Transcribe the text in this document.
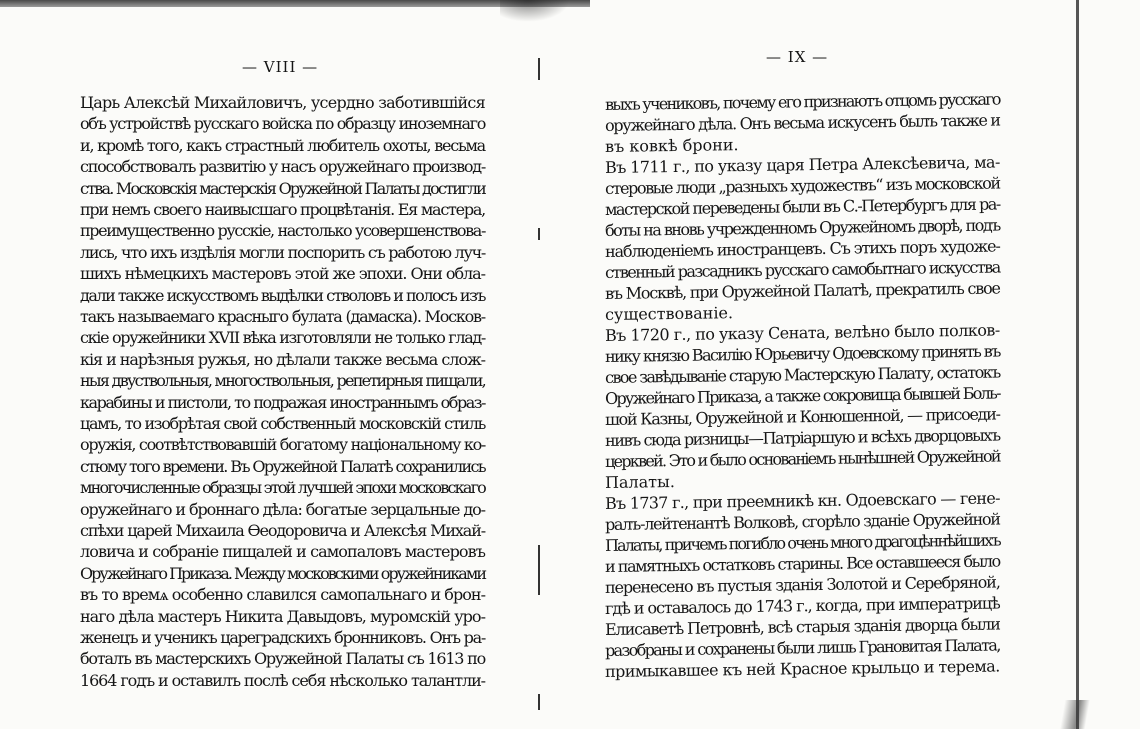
— VIII —
Царь Алексѣй Михайловичъ, усердно заботившійся
объ устройствѣ русскаго войска по образцу иноземнаго
и, кромѣ того, какъ страстный любитель охоты, весьма
способствовалъ развитію у насъ оружейнаго производ-
ства. Московскія мастерскія Оружейной Палаты достигли
при немъ своего наивысшаго процвѣтанія. Ея мастера,
преимущественно русскіе, настолько усовершенствова-
лись, что ихъ издѣлія могли поспорить съ работою луч-
шихъ нѣмецкихъ мастеровъ этой же эпохи. Они обла-
дали также искусствомъ выдѣлки стволовъ и полосъ изъ
такъ называемаго красныго булата (дамаска). Москов-
скіе оружейники XVII вѣка изготовляли не только глад-
кія и нарѣзныя ружья, но дѣлали также весьма слож-
ныя двуствольныя, многоствольныя, репетирныя пищали,
карабины и пистоли, то подражая иностраннымъ образ-
цамъ, то изобрѣтая свой собственный московскій стиль
оружія, соотвѣтствовавшій богатому національному ко-
стюму того времени. Въ Оружейной Палатѣ сохранились
многочисленные образцы этой лучшей эпохи московскаго
оружейнаго и броннаго дѣла: богатые зерцальные до-
спѣхи царей Михаила Ѳеодоровича и Алексѣя Михай-
ловича и собраніе пищалей и самопаловъ мастеровъ
Оружейнаго Приказа. Между московскими оружейниками
въ то времѧ особенно славился самопальнаго и брон-
наго дѣла мастеръ Никита Давыдовъ, муромскій уро-
женецъ и ученикъ цареградскихъ бронниковъ. Онъ ра-
боталъ въ мастерскихъ Оружейной Палаты съ 1613 по
1664 годъ и оставилъ послѣ себя нѣсколько талантли-
— IX —
выхъ учениковъ, почему его признаютъ отцомъ русскаго
оружейнаго дѣла. Онъ весьма искусенъ былъ также и
въ ковкѣ брони.
Въ 1711 г., по указу царя Петра Алексѣевича, ма-
стеровые люди „разныхъ художествъ“ изъ московской
мастерской переведены были въ С.-Петербургъ для ра-
боты на вновь учрежденномъ Оружейномъ дворѣ, подъ
наблюденіемъ иностранцевъ. Съ этихъ поръ художе-
ственный разсадникъ русскаго самобытнаго искусства
въ Москвѣ, при Оружейной Палатѣ, прекратилъ свое
существованіе.
Въ 1720 г., по указу Сената, велѣно было полков-
нику князю Василію Юрьевичу Одоевскому принять въ
свое завѣдываніе старую Мастерскую Палату, остатокъ
Оружейнаго Приказа, а также сокровища бывшей Боль-
шой Казны, Оружейной и Конюшенной, — присоеди-
нивъ сюда ризницы—Патріаршую и всѣхъ дворцовыхъ
церквей. Это и было основаніемъ нынѣшней Оружейной
Палаты.
Въ 1737 г., при преемникѣ кн. Одоевскаго — гене-
ралъ-лейтенантѣ Волковѣ, сгорѣло зданіе Оружейной
Палаты, причемъ погибло очень много драгоцѣннѣйшихъ
и памятныхъ остатковъ старины. Все оставшееся было
перенесено въ пустыя зданія Золотой и Серебряной,
гдѣ и оставалось до 1743 г., когда, при императрицѣ
Елисаветѣ Петровнѣ, всѣ старыя зданія дворца были
разобраны и сохранены были лишь Грановитая Палата,
примыкавшее къ ней Красное крыльцо и терема.
